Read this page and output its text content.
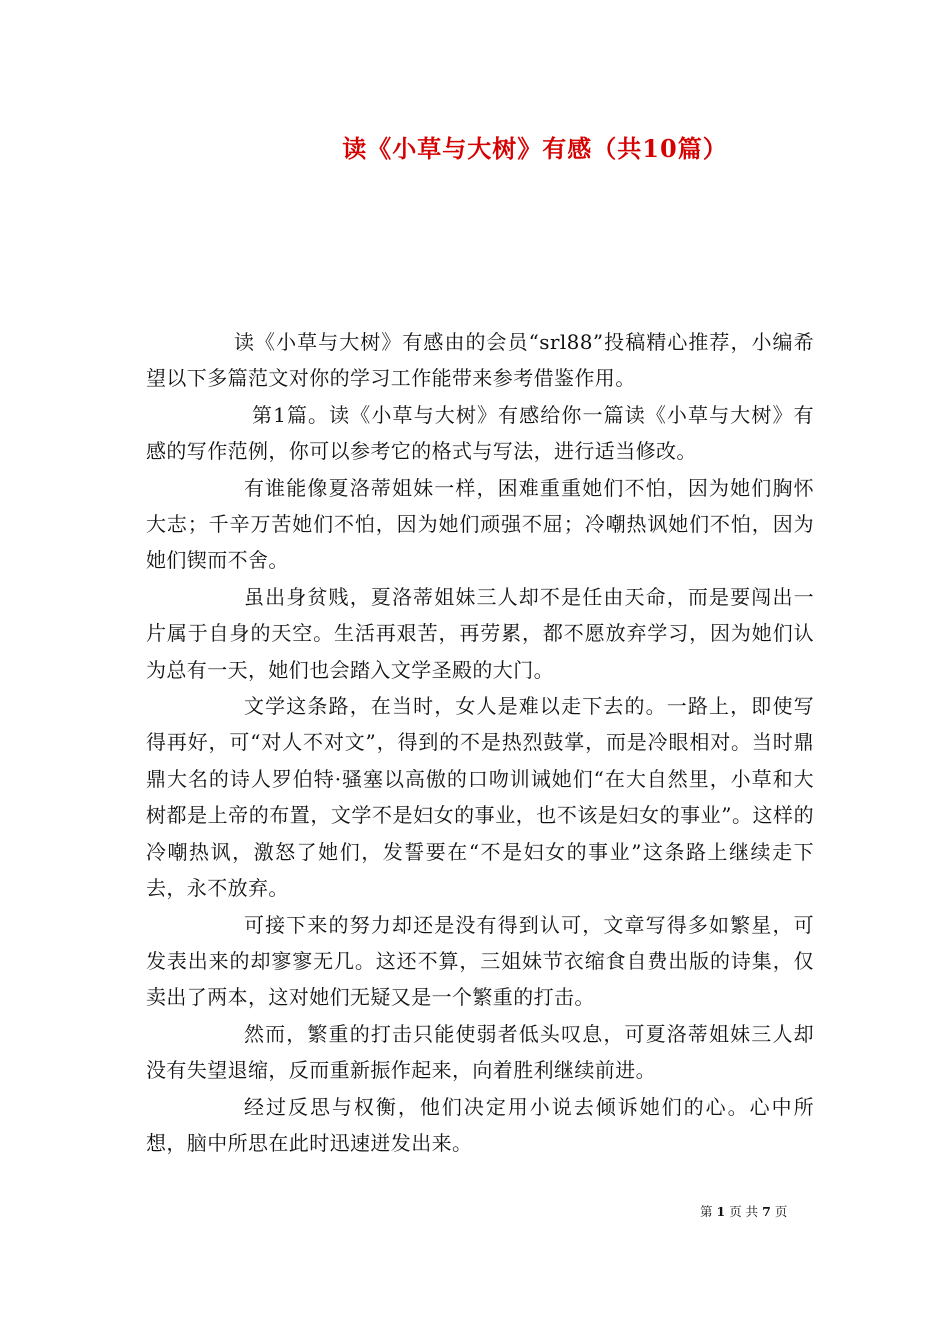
读《小草与大树》有感（共10篇）

读《小草与大树》有感由的会员“srl88”投稿精心推荐，小编希望以下多篇范文对你的学习工作能带来参考借鉴作用。

第1篇。读《小草与大树》有感给你一篇读《小草与大树》有感的写作范例，你可以参考它的格式与写法，进行适当修改。

有谁能像夏洛蒂姐妹一样，困难重重她们不怕，因为她们胸怀大志；千辛万苦她们不怕，因为她们顽强不屈；冷嘲热讽她们不怕，因为她们锲而不舍。

虽出身贫贱，夏洛蒂姐妹三人却不是任由天命，而是要闯出一片属于自身的天空。生活再艰苦，再劳累，都不愿放弃学习，因为她们认为总有一天，她们也会踏入文学圣殿的大门。

文学这条路，在当时，女人是难以走下去的。一路上，即使写得再好，可“对人不对文”，得到的不是热烈鼓掌，而是冷眼相对。当时鼎鼎大名的诗人罗伯特·骚塞以高傲的口吻训诫她们“在大自然里，小草和大树都是上帝的布置，文学不是妇女的事业，也不该是妇女的事业”。这样的冷嘲热讽，激怒了她们，发誓要在“不是妇女的事业”这条路上继续走下去，永不放弃。

可接下来的努力却还是没有得到认可，文章写得多如繁星，可发表出来的却寥寥无几。这还不算，三姐妹节衣缩食自费出版的诗集，仅卖出了两本，这对她们无疑又是一个繁重的打击。

然而，繁重的打击只能使弱者低头叹息，可夏洛蒂姐妹三人却没有失望退缩，反而重新振作起来，向着胜利继续前进。

经过反思与权衡，他们决定用小说去倾诉她们的心。心中所想，脑中所思在此时迅速迸发出来。

第 1 页 共 7 页
